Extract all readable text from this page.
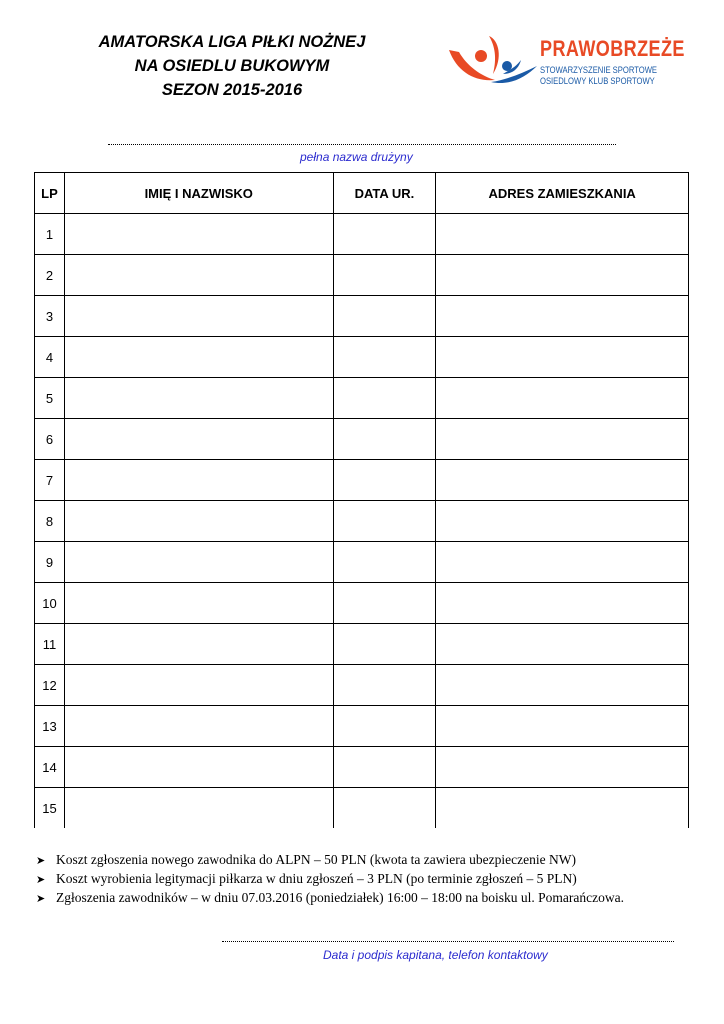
AMATORSKA LIGA PIŁKI NOŻNEJ
NA OSIEDLU BUKOWYM
SEZON 2015-2016
PRAWOBRZEŻE
STOWARZYSZENIE SPORTOWE
OSIEDLOWY KLUB SPORTOWY
pełna nazwa drużyny
LP	IMIĘ I NAZWISKO	DATA UR.	ADRES ZAMIESZKANIA
1			
2			
3			
4			
5			
6			
7			
8			
9			
10			
11			
12			
13			
14			
15			
➤ Koszt zgłoszenia nowego zawodnika do ALPN – 50 PLN (kwota ta zawiera ubezpieczenie NW)
➤ Koszt wyrobienia legitymacji piłkarza w dniu zgłoszeń – 3 PLN (po terminie zgłoszeń – 5 PLN)
➤ Zgłoszenia zawodników – w dniu 07.03.2016 (poniedziałek) 16:00 – 18:00 na boisku ul. Pomarańczowa.
Data i podpis kapitana, telefon kontaktowy
